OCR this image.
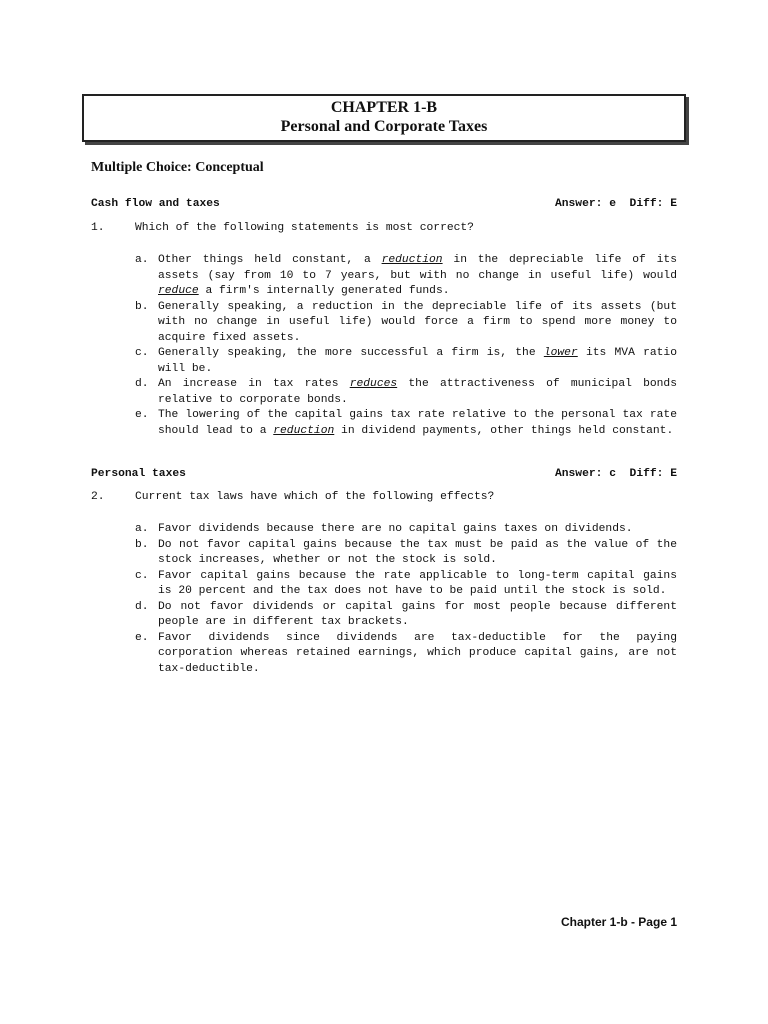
CHAPTER 1-B
Personal and Corporate Taxes
Multiple Choice: Conceptual
Cash flow and taxes	Answer: e  Diff: E
1.	Which of the following statements is most correct?
a. Other things held constant, a reduction in the depreciable life of its assets (say from 10 to 7 years, but with no change in useful life) would reduce a firm's internally generated funds.
b. Generally speaking, a reduction in the depreciable life of its assets (but with no change in useful life) would force a firm to spend more money to acquire fixed assets.
c. Generally speaking, the more successful a firm is, the lower its MVA ratio will be.
d. An increase in tax rates reduces the attractiveness of municipal bonds relative to corporate bonds.
e. The lowering of the capital gains tax rate relative to the personal tax rate should lead to a reduction in dividend payments, other things held constant.
Personal taxes	Answer: c  Diff: E
2.	Current tax laws have which of the following effects?
a. Favor dividends because there are no capital gains taxes on dividends.
b. Do not favor capital gains because the tax must be paid as the value of the stock increases, whether or not the stock is sold.
c. Favor capital gains because the rate applicable to long-term capital gains is 20 percent and the tax does not have to be paid until the stock is sold.
d. Do not favor dividends or capital gains for most people because different people are in different tax brackets.
e. Favor dividends since dividends are tax-deductible for the paying corporation whereas retained earnings, which produce capital gains, are not tax-deductible.
Chapter 1-b - Page 1
